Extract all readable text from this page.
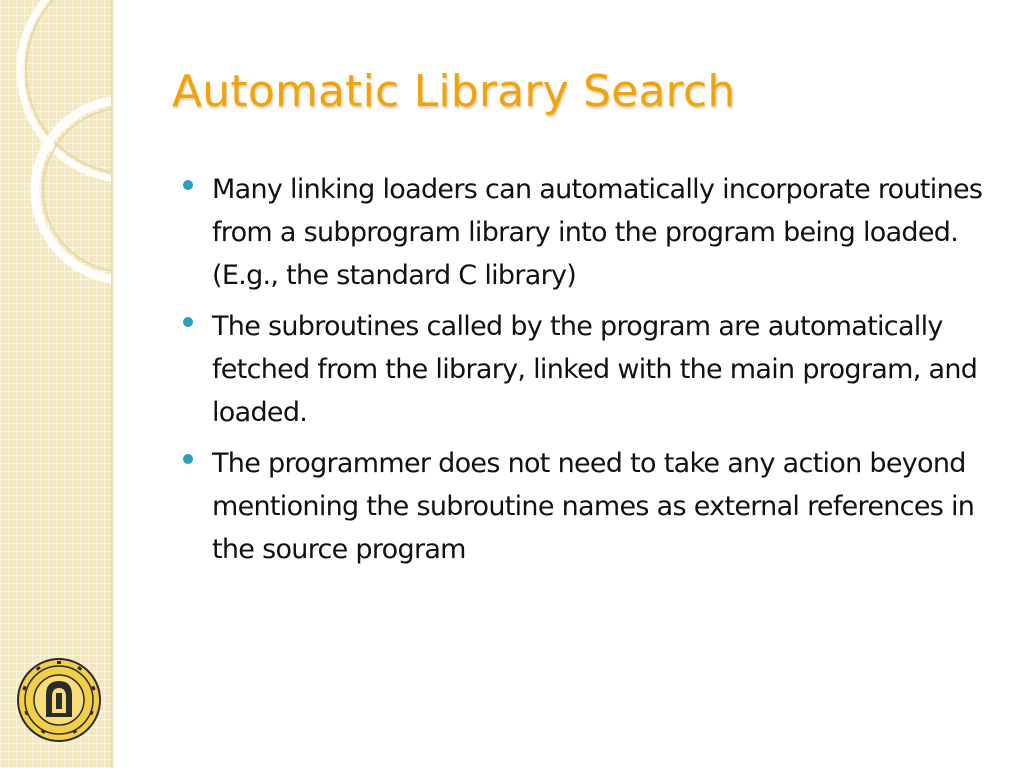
Automatic Library Search
Many linking loaders can automatically incorporate routines from a subprogram library into the program being loaded. (E.g., the standard C library)
The subroutines called by the program are automatically fetched from the library, linked with the main program, and loaded.
The programmer does not need to take any action beyond mentioning the subroutine names as external references in the source program
